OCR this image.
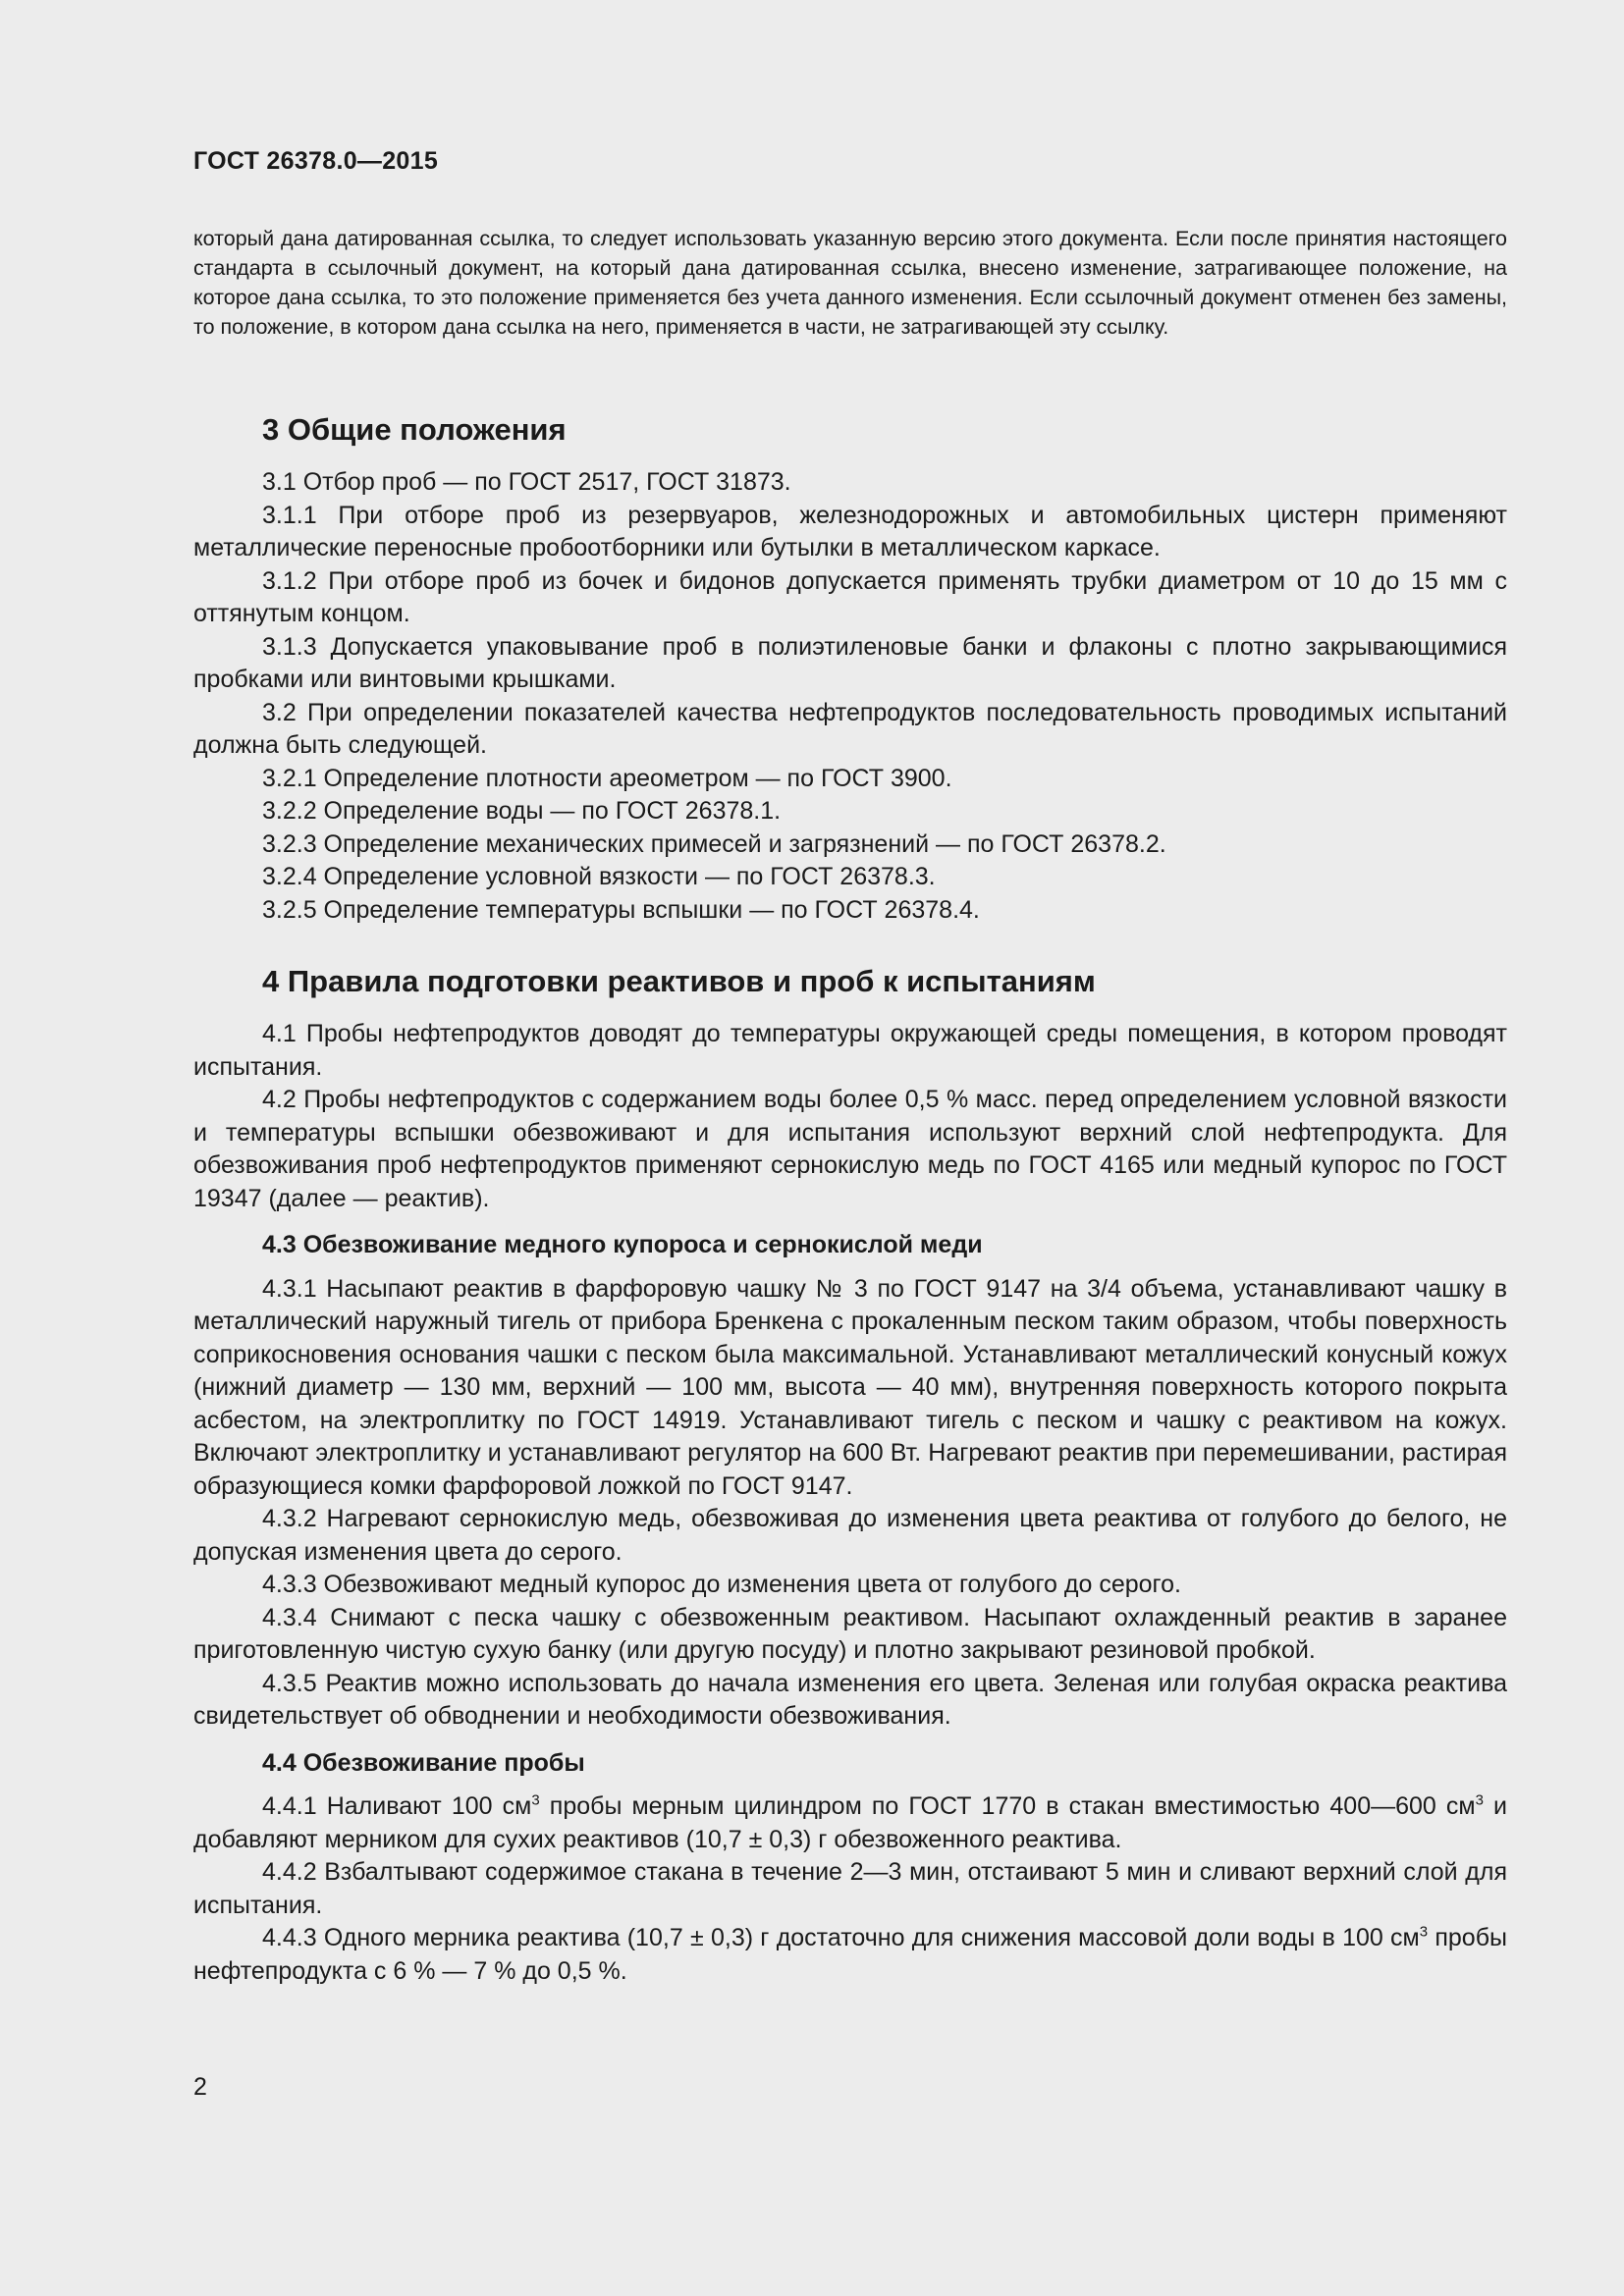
ГОСТ 26378.0—2015

который дана датированная ссылка, то следует использовать указанную версию этого документа. Если после принятия настоящего стандарта в ссылочный документ, на который дана датированная ссылка, внесено изменение, затрагивающее положение, на которое дана ссылка, то это положение применяется без учета данного изменения. Если ссылочный документ отменен без замены, то положение, в котором дана ссылка на него, применяется в части, не затрагивающей эту ссылку.

3 Общие положения

3.1 Отбор проб — по ГОСТ 2517, ГОСТ 31873.

3.1.1 При отборе проб из резервуаров, железнодорожных и автомобильных цистерн применяют металлические переносные пробоотборники или бутылки в металлическом каркасе.

3.1.2 При отборе проб из бочек и бидонов допускается применять трубки диаметром от 10 до 15 мм с оттянутым концом.

3.1.3 Допускается упаковывание проб в полиэтиленовые банки и флаконы с плотно закрывающимися пробками или винтовыми крышками.

3.2 При определении показателей качества нефтепродуктов последовательность проводимых испытаний должна быть следующей.

3.2.1 Определение плотности ареометром — по ГОСТ 3900.

3.2.2 Определение воды — по ГОСТ 26378.1.

3.2.3 Определение механических примесей и загрязнений — по ГОСТ 26378.2.

3.2.4 Определение условной вязкости — по ГОСТ 26378.3.

3.2.5 Определение температуры вспышки — по ГОСТ 26378.4.

4 Правила подготовки реактивов и проб к испытаниям

4.1 Пробы нефтепродуктов доводят до температуры окружающей среды помещения, в котором проводят испытания.

4.2 Пробы нефтепродуктов с содержанием воды более 0,5 % масс. перед определением условной вязкости и температуры вспышки обезвоживают и для испытания используют верхний слой нефтепродукта. Для обезвоживания проб нефтепродуктов применяют сернокислую медь по ГОСТ 4165 или медный купорос по ГОСТ 19347 (далее — реактив).

4.3 Обезвоживание медного купороса и сернокислой меди

4.3.1 Насыпают реактив в фарфоровую чашку № 3 по ГОСТ 9147 на 3/4 объема, устанавливают чашку в металлический наружный тигель от прибора Бренкена с прокаленным песком таким образом, чтобы поверхность соприкосновения основания чашки с песком была максимальной. Устанавливают металлический конусный кожух (нижний диаметр — 130 мм, верхний — 100 мм, высота — 40 мм), внутренняя поверхность которого покрыта асбестом, на электроплитку по ГОСТ 14919. Устанавливают тигель с песком и чашку с реактивом на кожух. Включают электроплитку и устанавливают регулятор на 600 Вт. Нагревают реактив при перемешивании, растирая образующиеся комки фарфоровой ложкой по ГОСТ 9147.

4.3.2 Нагревают сернокислую медь, обезвоживая до изменения цвета реактива от голубого до белого, не допуская изменения цвета до серого.

4.3.3 Обезвоживают медный купорос до изменения цвета от голубого до серого.

4.3.4 Снимают с песка чашку с обезвоженным реактивом. Насыпают охлажденный реактив в заранее приготовленную чистую сухую банку (или другую посуду) и плотно закрывают резиновой пробкой.

4.3.5 Реактив можно использовать до начала изменения его цвета. Зеленая или голубая окраска реактива свидетельствует об обводнении и необходимости обезвоживания.

4.4 Обезвоживание пробы

4.4.1 Наливают 100 $см^3$ пробы мерным цилиндром по ГОСТ 1770 в стакан вместимостью 400—600 $см^3$ и добавляют мерником для сухих реактивов (10,7 ± 0,3) г обезвоженного реактива.

4.4.2 Взбалтывают содержимое стакана в течение 2—3 мин, отстаивают 5 мин и сливают верхний слой для испытания.

4.4.3 Одного мерника реактива (10,7 ± 0,3) г достаточно для снижения массовой доли воды в 100 $см^3$ пробы нефтепродукта с 6 % — 7 % до 0,5 %.

2
